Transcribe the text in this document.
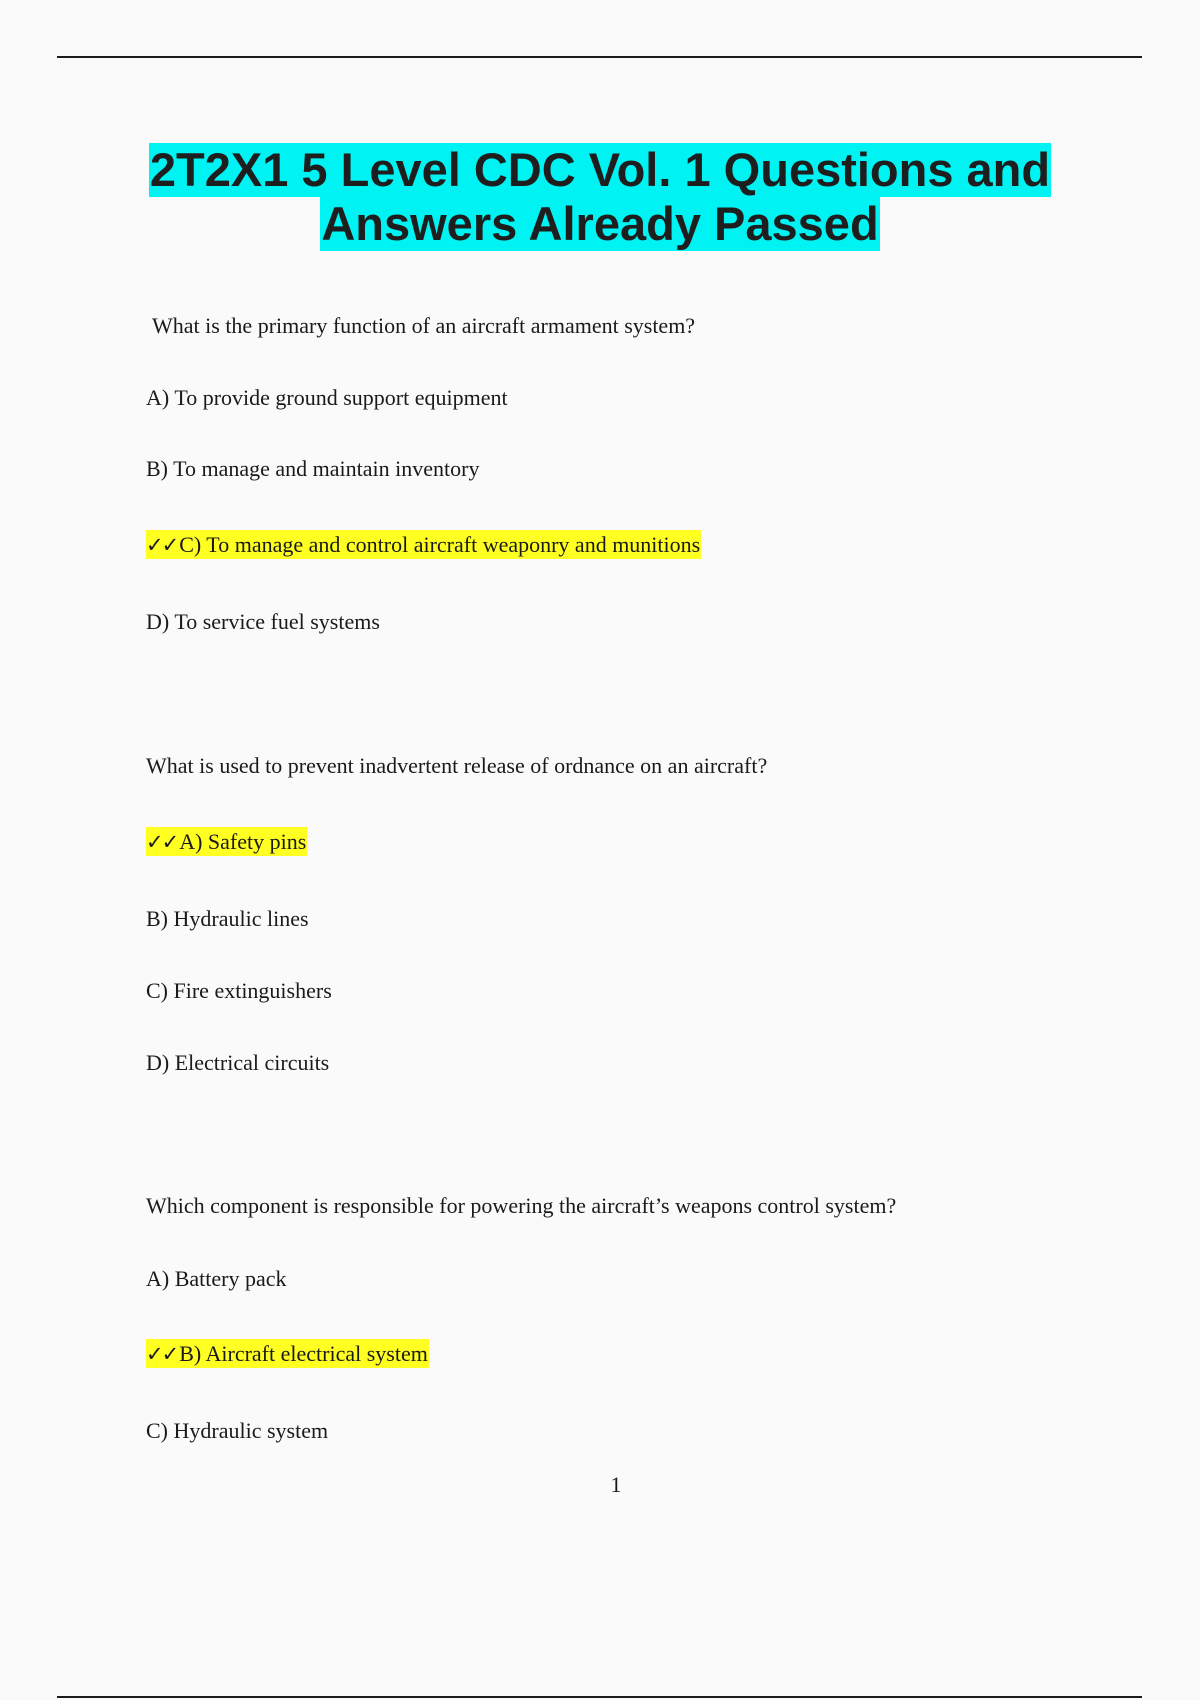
2T2X1 5 Level CDC Vol. 1 Questions and
Answers Already Passed
What is the primary function of an aircraft armament system?
A) To provide ground support equipment
B) To manage and maintain inventory
✓✓C) To manage and control aircraft weaponry and munitions
D) To service fuel systems
What is used to prevent inadvertent release of ordnance on an aircraft?
✓✓A) Safety pins
B) Hydraulic lines
C) Fire extinguishers
D) Electrical circuits
Which component is responsible for powering the aircraft’s weapons control system?
A) Battery pack
✓✓B) Aircraft electrical system
C) Hydraulic system
1
